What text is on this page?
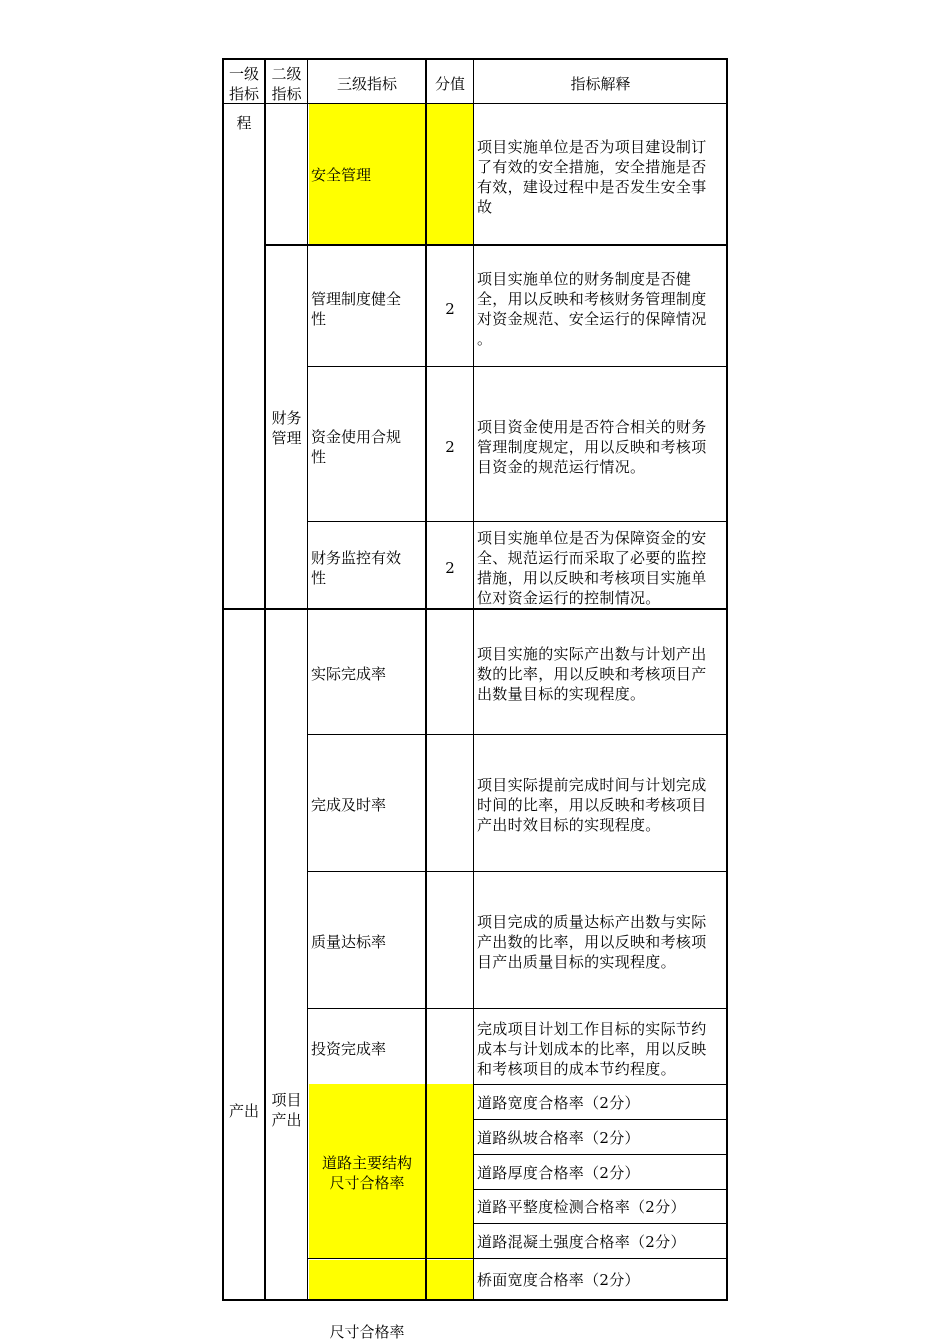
一级
指标
二级
指标
三级指标	分值	指标解释
程
产出
财务
管理
项目
产出
安全管理
项目实施单位是否为项目建设制订
了有效的安全措施，安全措施是否
有效，建设过程中是否发生安全事
故
管理制度健全
性
2
项目实施单位的财务制度是否健
全，用以反映和考核财务管理制度
对资金规范、安全运行的保障情况
。
资金使用合规
性
2
项目资金使用是否符合相关的财务
管理制度规定，用以反映和考核项
目资金的规范运行情况。
财务监控有效
性
2
项目实施单位是否为保障资金的安
全、规范运行而采取了必要的监控
措施，用以反映和考核项目实施单
位对资金运行的控制情况。
实际完成率
项目实施的实际产出数与计划产出
数的比率，用以反映和考核项目产
出数量目标的实现程度。
完成及时率
项目实际提前完成时间与计划完成
时间的比率，用以反映和考核项目
产出时效目标的实现程度。
质量达标率
项目完成的质量达标产出数与实际
产出数的比率，用以反映和考核项
目产出质量目标的实现程度。
投资完成率
完成项目计划工作目标的实际节约
成本与计划成本的比率，用以反映
和考核项目的成本节约程度。
道路主要结构
尺寸合格率
道路宽度合格率（2分）
道路纵坡合格率（2分）
道路厚度合格率（2分）
道路平整度检测合格率（2分）
道路混凝土强度合格率（2分）
桥面宽度合格率（2分）
尺寸合格率
